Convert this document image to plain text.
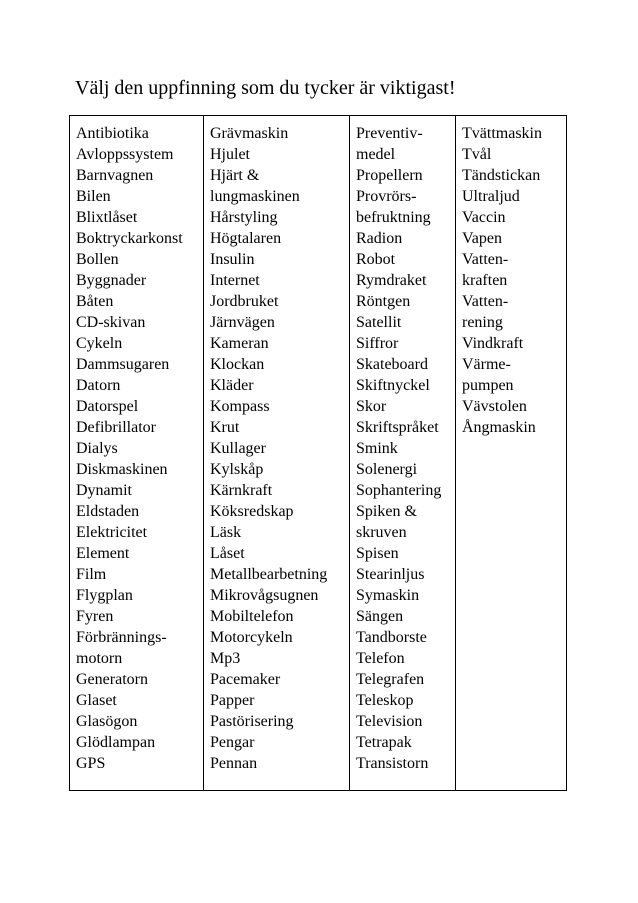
Välj den uppfinning som du tycker är viktigast!
Antibiotika
Avloppssystem
Barnvagnen
Bilen
Blixtlåset
Boktryckarkonst
Bollen
Byggnader
Båten
CD-skivan
Cykeln
Dammsugaren
Datorn
Datorspel
Defibrillator
Dialys
Diskmaskinen
Dynamit
Eldstaden
Elektricitet
Element
Film
Flygplan
Fyren
Förbrännings-
motorn
Generatorn
Glaset
Glasögon
Glödlampan
GPS

Grävmaskin
Hjulet
Hjärt &
lungmaskinen
Hårstyling
Högtalaren
Insulin
Internet
Jordbruket
Järnvägen
Kameran
Klockan
Kläder
Kompass
Krut
Kullager
Kylskåp
Kärnkraft
Köksredskap
Läsk
Låset
Metallbearbetning
Mikrovågsugnen
Mobiltelefon
Motorcykeln
Mp3
Pacemaker
Papper
Pastörisering
Pengar
Pennan

Preventiv-
medel
Propellern
Provrörs-
befruktning
Radion
Robot
Rymdraket
Röntgen
Satellit
Siffror
Skateboard
Skiftnyckel
Skor
Skriftspråket
Smink
Solenergi
Sophantering
Spiken &
skruven
Spisen
Stearinljus
Symaskin
Sängen
Tandborste
Telefon
Telegrafen
Teleskop
Television
Tetrapak
Transistorn

Tvättmaskin
Tvål
Tändstickan
Ultraljud
Vaccin
Vapen
Vatten-
kraften
Vatten-
rening
Vindkraft
Värme-
pumpen
Vävstolen
Ångmaskin
